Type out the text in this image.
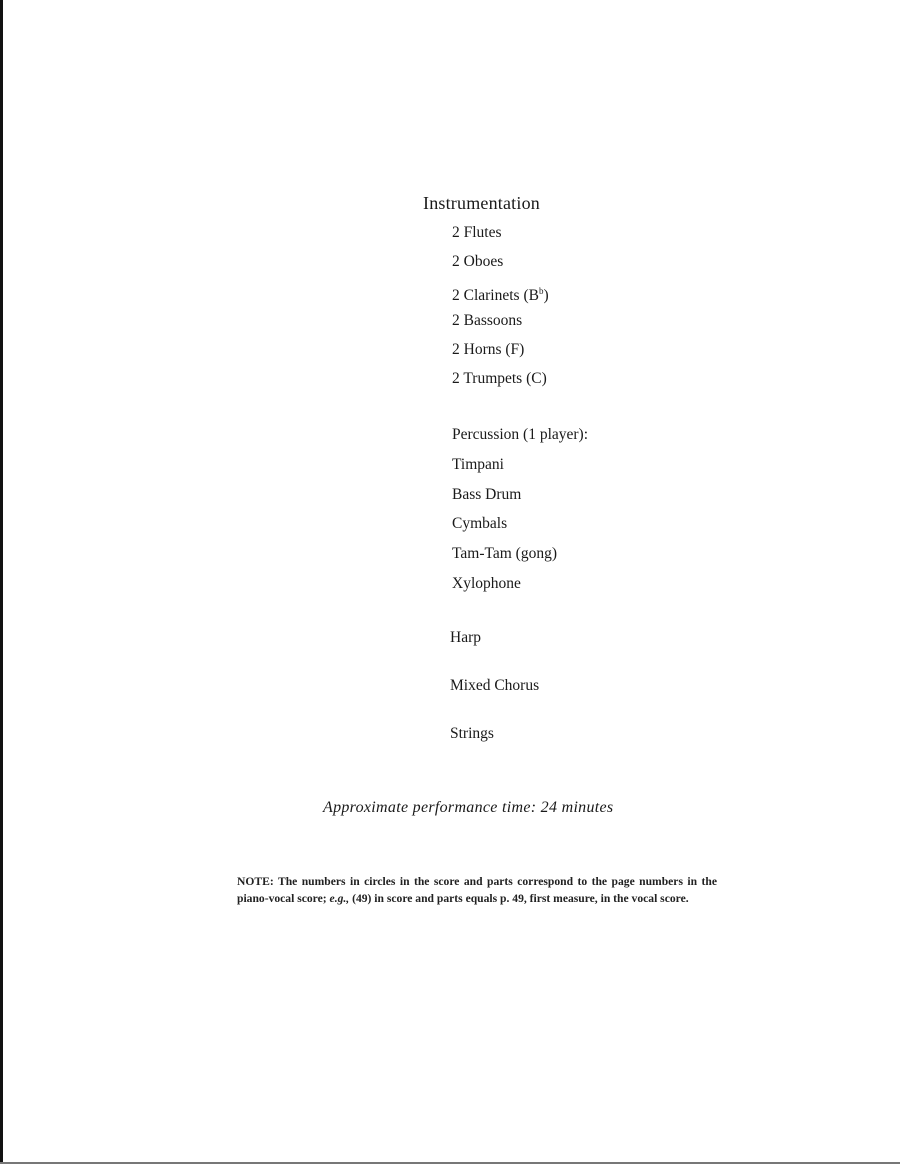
Instrumentation
2 Flutes
2 Oboes
2 Clarinets $(B^b)$
2 Bassoons
2 Horns (F)
2 Trumpets (C)
Percussion (1 player):
Timpani
Bass Drum
Cymbals
Tam-Tam (gong)
Xylophone
Harp
Mixed Chorus
Strings
Approximate performance time: 24 minutes
NOTE: The numbers in circles in the score and parts correspond to the page numbers in the piano-vocal score; e.g., (49) in score and parts equals p. 49, first measure, in the vocal score.
